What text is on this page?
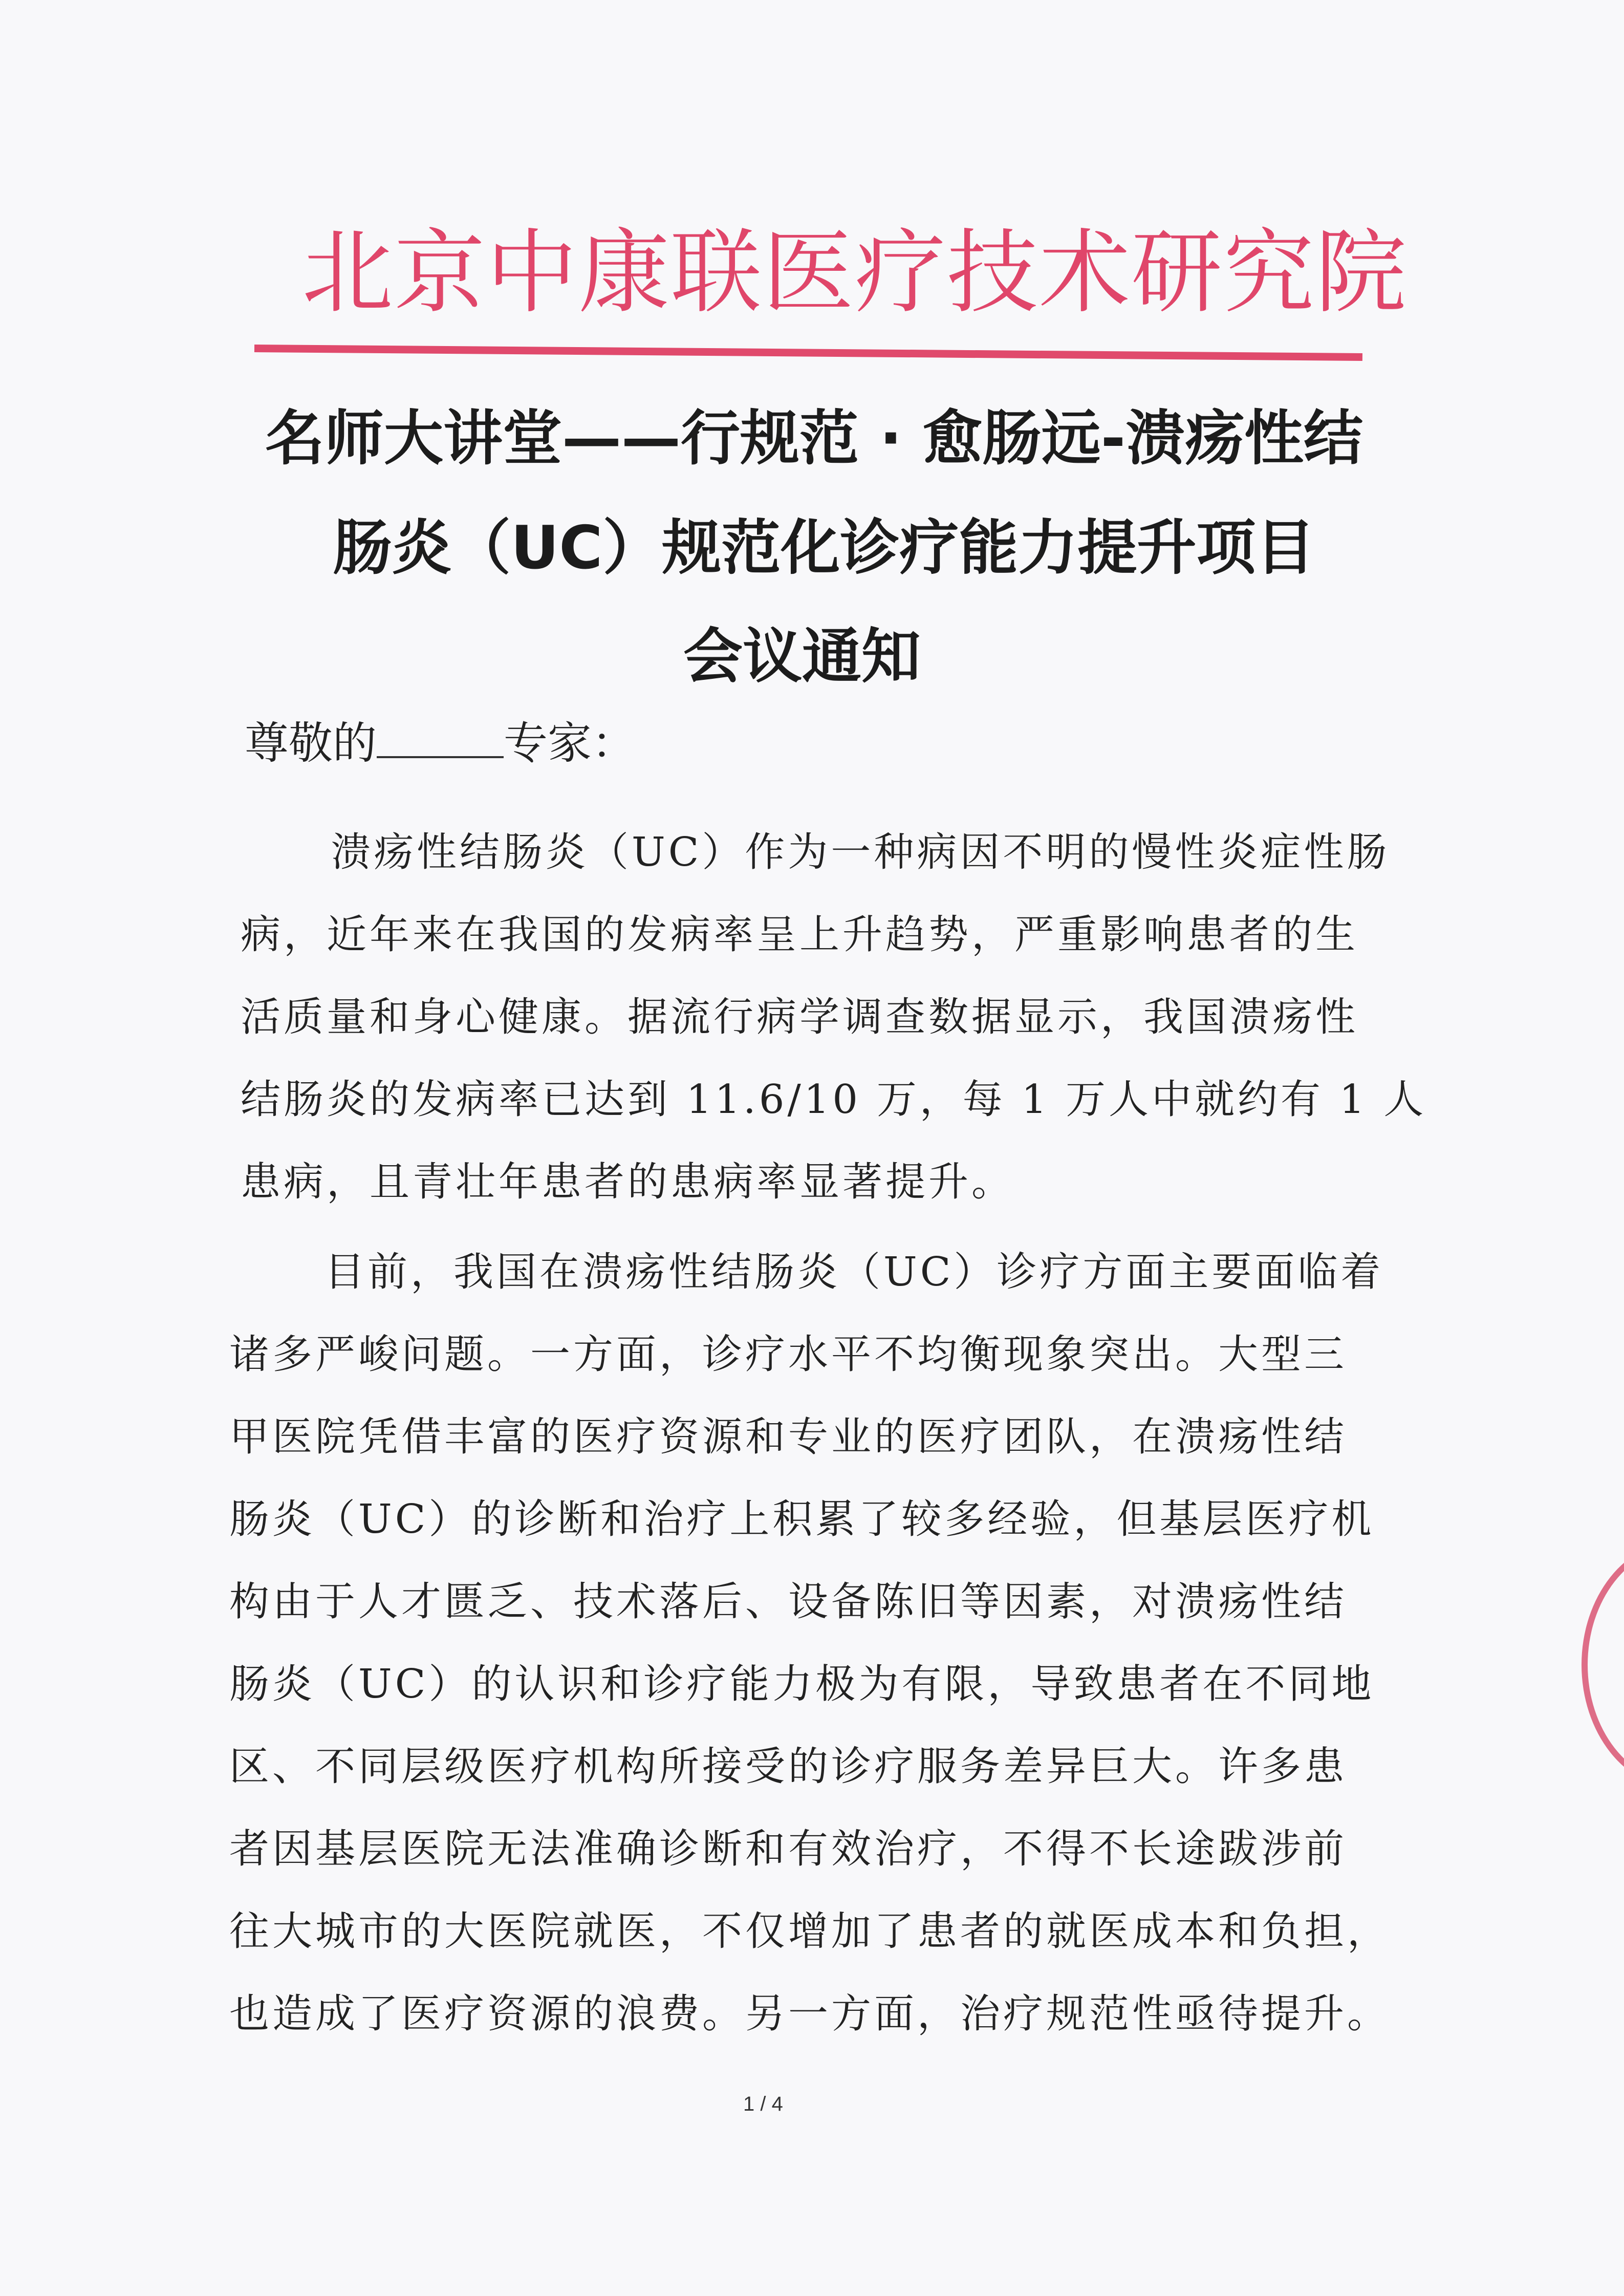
北京中康联医疗技术研究院
名师大讲堂——行规范 · 愈肠远-溃疡性结
肠炎（UC）规范化诊疗能力提升项目
会议通知
尊敬的	专家：
溃疡性结肠炎（UC）作为一种病因不明的慢性炎症性肠
病，近年来在我国的发病率呈上升趋势，严重影响患者的生
活质量和身心健康。据流行病学调查数据显示，我国溃疡性
结肠炎的发病率已达到 11.6/10 万，每 1 万人中就约有 1 人
患病，且青壮年患者的患病率显著提升。
目前，我国在溃疡性结肠炎（UC）诊疗方面主要面临着
诸多严峻问题。一方面，诊疗水平不均衡现象突出。大型三
甲医院凭借丰富的医疗资源和专业的医疗团队，在溃疡性结
肠炎（UC）的诊断和治疗上积累了较多经验，但基层医疗机
构由于人才匮乏、技术落后、设备陈旧等因素，对溃疡性结
肠炎（UC）的认识和诊疗能力极为有限，导致患者在不同地
区、不同层级医疗机构所接受的诊疗服务差异巨大。许多患
者因基层医院无法准确诊断和有效治疗，不得不长途跋涉前
往大城市的大医院就医，不仅增加了患者的就医成本和负担，
也造成了医疗资源的浪费。另一方面，治疗规范性亟待提升。
1 / 4
